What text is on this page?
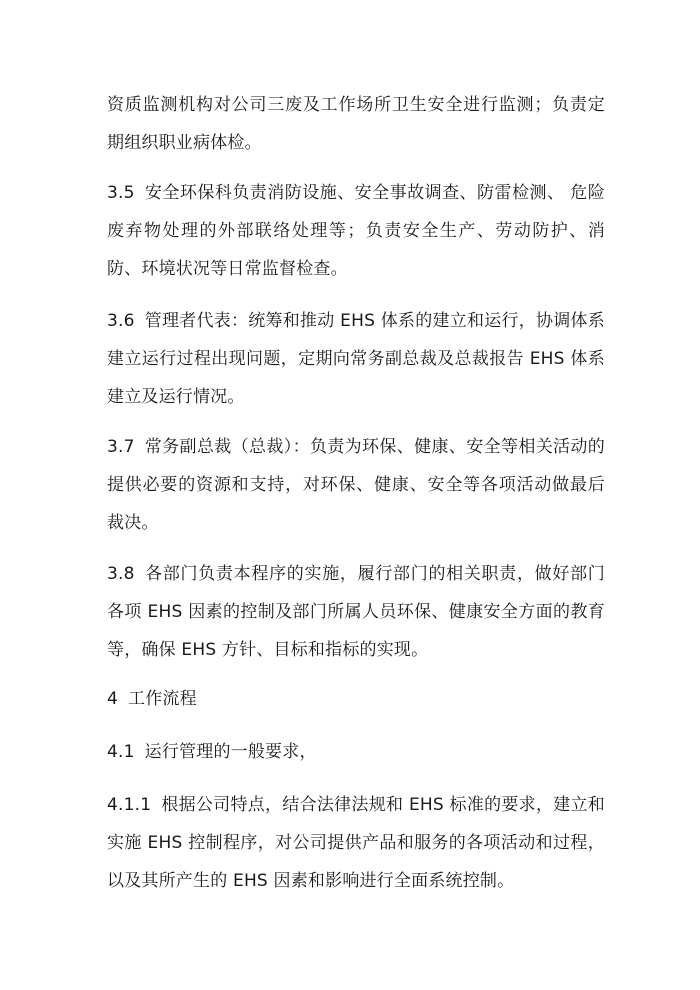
资质监测机构对公司三废及工作场所卫生安全进行监测；负责定期组织职业病体检。

3.5 安全环保科负责消防设施、安全事故调查、防雷检测、 危险废弃物处理的外部联络处理等；负责安全生产、劳动防护、消防、环境状况等日常监督检查。

3.6 管理者代表：统筹和推动 EHS 体系的建立和运行，协调体系建立运行过程出现问题，定期向常务副总裁及总裁报告 EHS 体系建立及运行情况。

3.7 常务副总裁（总裁）：负责为环保、健康、安全等相关活动的提供必要的资源和支持，对环保、健康、安全等各项活动做最后裁决。

3.8 各部门负责本程序的实施，履行部门的相关职责，做好部门各项 EHS 因素的控制及部门所属人员环保、健康安全方面的教育等，确保 EHS 方针、目标和指标的实现。

4 工作流程

4.1 运行管理的一般要求，

4.1.1 根据公司特点，结合法律法规和 EHS 标准的要求，建立和实施 EHS 控制程序，对公司提供产品和服务的各项活动和过程，以及其所产生的 EHS 因素和影响进行全面系统控制。
